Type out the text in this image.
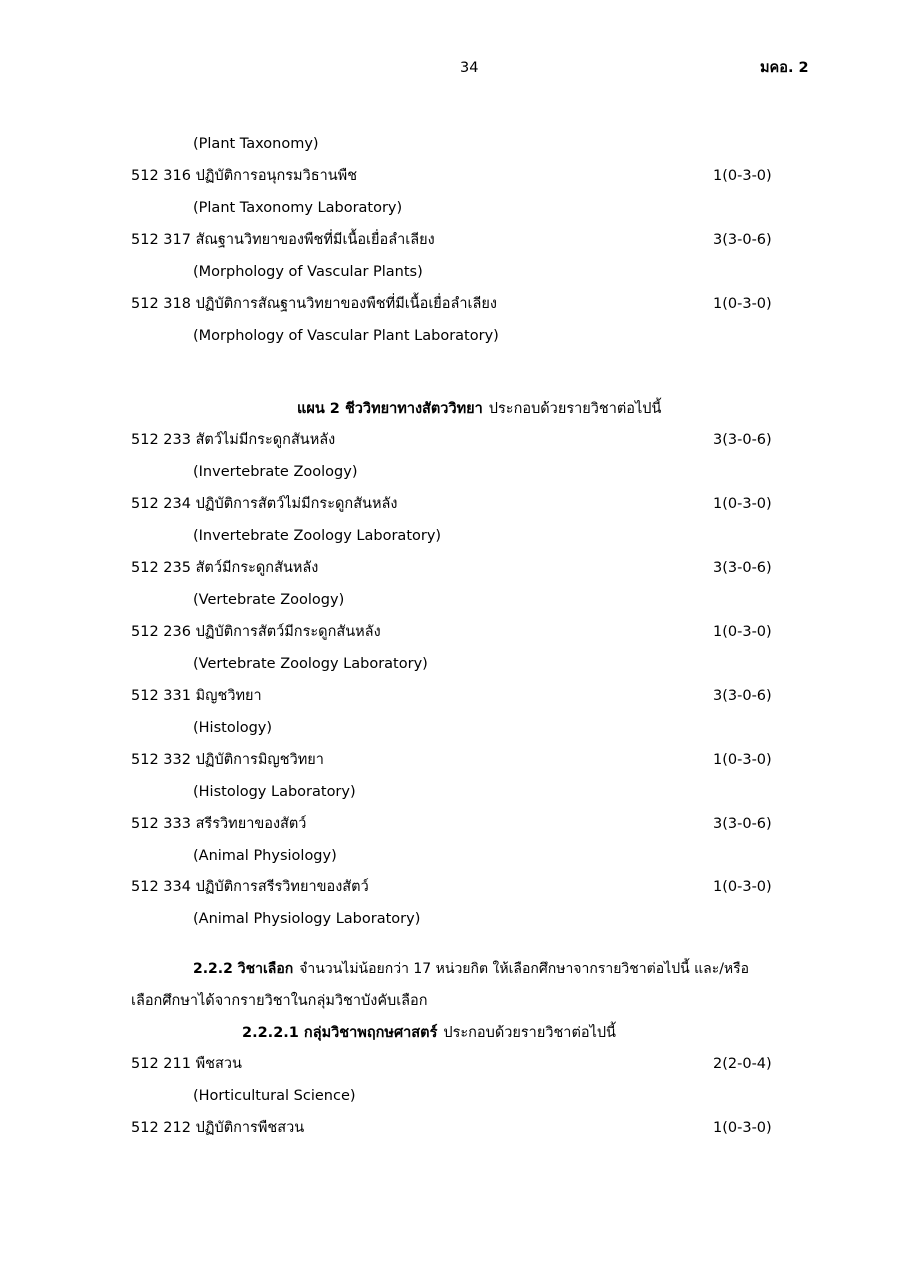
34	มคอ. 2
(Plant Taxonomy)
512 316 ปฏิบัติการอนุกรมวิธานพืช	1(0-3-0)
(Plant Taxonomy Laboratory)
512 317 สัณฐานวิทยาของพืชที่มีเนื้อเยื่อลำเลียง	3(3-0-6)
(Morphology of Vascular Plants)
512 318 ปฏิบัติการสัณฐานวิทยาของพืชที่มีเนื้อเยื่อลำเลียง	1(0-3-0)
(Morphology of Vascular Plant Laboratory)
แผน 2 ชีววิทยาทางสัตววิทยา ประกอบด้วยรายวิชาต่อไปนี้
512 233 สัตว์ไม่มีกระดูกสันหลัง	3(3-0-6)
(Invertebrate Zoology)
512 234 ปฏิบัติการสัตว์ไม่มีกระดูกสันหลัง	1(0-3-0)
(Invertebrate Zoology Laboratory)
512 235 สัตว์มีกระดูกสันหลัง	3(3-0-6)
(Vertebrate Zoology)
512 236 ปฏิบัติการสัตว์มีกระดูกสันหลัง	1(0-3-0)
(Vertebrate Zoology Laboratory)
512 331 มิญชวิทยา	3(3-0-6)
(Histology)
512 332 ปฏิบัติการมิญชวิทยา	1(0-3-0)
(Histology Laboratory)
512 333 สรีรวิทยาของสัตว์	3(3-0-6)
(Animal Physiology)
512 334 ปฏิบัติการสรีรวิทยาของสัตว์	1(0-3-0)
(Animal Physiology Laboratory)
2.2.2 วิชาเลือก จำนวนไม่น้อยกว่า 17 หน่วยกิต ให้เลือกศึกษาจากรายวิชาต่อไปนี้ และ/หรือ
เลือกศึกษาได้จากรายวิชาในกลุ่มวิชาบังคับเลือก
2.2.2.1 กลุ่มวิชาพฤกษศาสตร์ ประกอบด้วยรายวิชาต่อไปนี้
512 211 พืชสวน	2(2-0-4)
(Horticultural Science)
512 212 ปฏิบัติการพืชสวน	1(0-3-0)
